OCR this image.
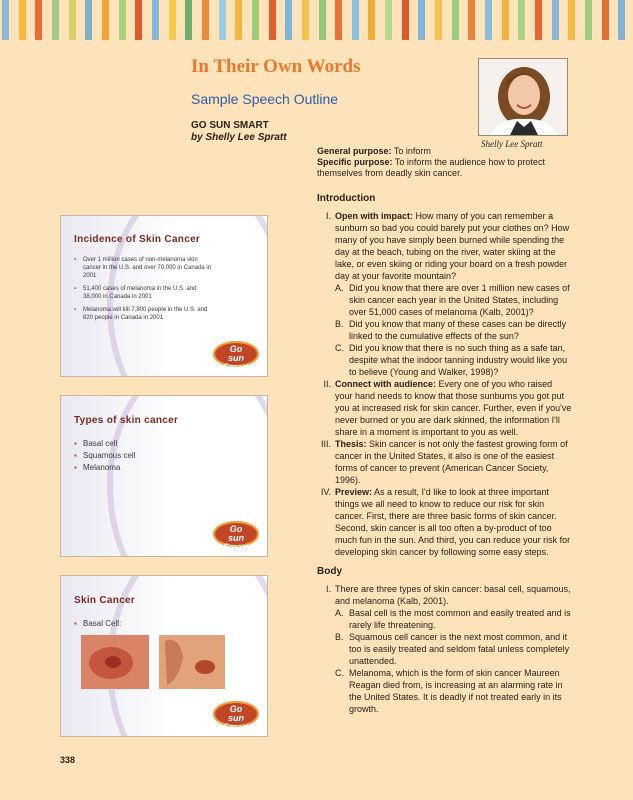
In Their Own Words
Sample Speech Outline
GO SUN SMART
by Shelly Lee Spratt
Shelly Lee Spratt
General purpose: To inform
Specific purpose: To inform the audience how to protect themselves from deadly skin cancer.
Introduction
I. Open with impact: How many of you can remember a sunburn so bad you could barely put your clothes on? How many of you have simply been burned while spending the day at the beach, tubing on the river, water skiing at the lake, or even skiing or riding your board on a fresh powder day at your favorite mountain?
A. Did you know that there are over 1 million new cases of skin cancer each year in the United States, including over 51,000 cases of melanoma (Kalb, 2001)?
B. Did you know that many of these cases can be directly linked to the cumulative effects of the sun?
C. Did you know that there is no such thing as a safe tan, despite what the indoor tanning industry would like you to believe (Young and Walker, 1998)?
II. Connect with audience: Every one of you who raised your hand needs to know that those sunburns you got put you at increased risk for skin cancer. Further, even if you've never burned or you are dark skinned, the information I'll share in a moment is important to you as well.
III. Thesis: Skin cancer is not only the fastest growing form of cancer in the United States, it also is one of the easiest forms of cancer to prevent (American Cancer Society, 1996).
IV. Preview: As a result, I'd like to look at three important things we all need to know to reduce our risk for skin cancer. First, there are three basic forms of skin cancer. Second, skin cancer is all too often a by-product of too much fun in the sun. And third, you can reduce your risk for developing skin cancer by following some easy steps.
Body
I. There are three types of skin cancer: basal cell, squamous, and melanoma (Kalb, 2001).
A. Basal cell is the most common and easily treated and is rarely life threatening.
B. Squamous cell cancer is the next most common, and it too is easily treated and seldom fatal unless completely unattended.
C. Melanoma, which is the form of skin cancer Maureen Reagan died from, is increasing at an alarming rate in the United States. It is deadly if not treated early in its growth.
Incidence of Skin Cancer
▪ Over 1 million cases of non-melanoma skin cancer in the U.S. and over 70,000 in Canada in 2001
▪ 51,400 cases of melanoma in the U.S. and 38,000 in Canada in 2001
▪ Melanoma will kill 7,800 people in the U.S. and 820 people in Canada in 2001
Go
sun
Smart
Types of skin cancer
▪ Basal cell
▪ Squamous cell
▪ Melanoma
Go
sun
Smart
Skin Cancer
▪ Basal Cell:
Go
sun
Smart
338
